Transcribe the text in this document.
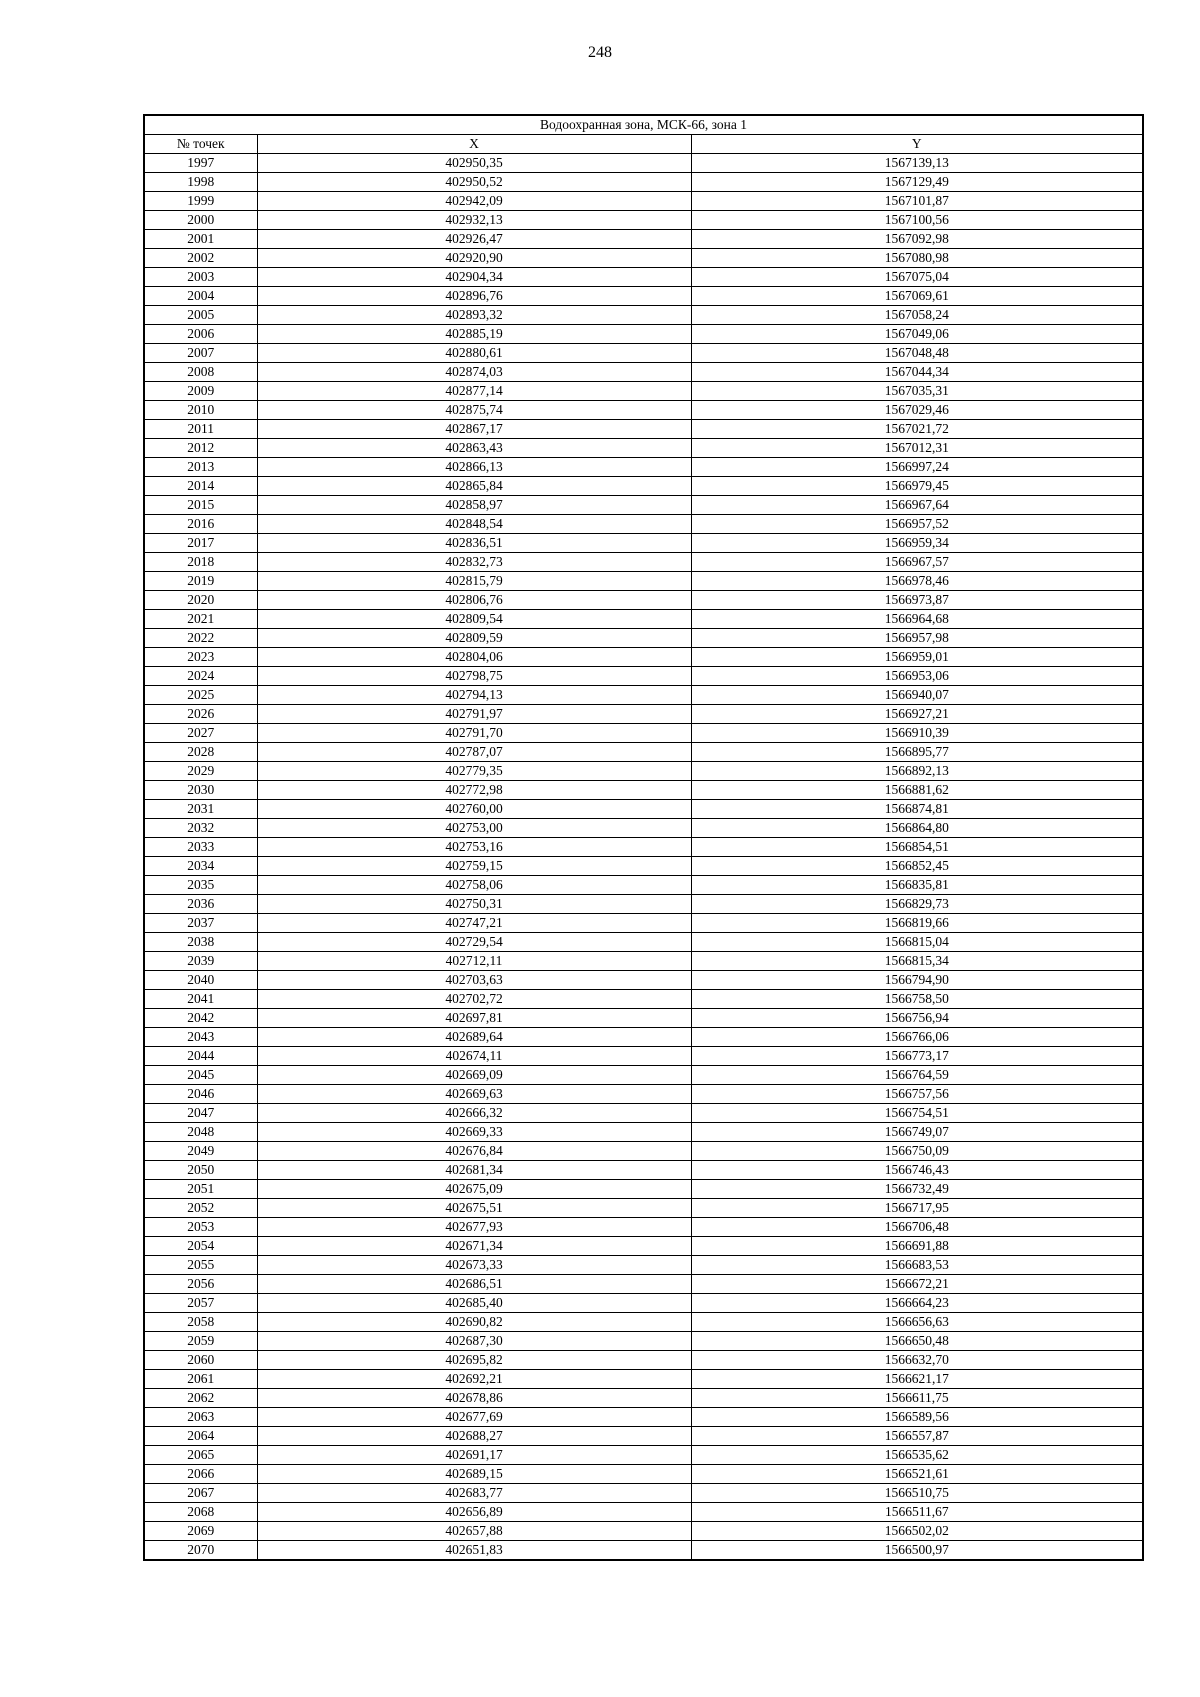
248
Водоохранная зона, МСК-66, зона 1		
№ точек	X	Y
1997	402950,35	1567139,13
1998	402950,52	1567129,49
1999	402942,09	1567101,87
2000	402932,13	1567100,56
2001	402926,47	1567092,98
2002	402920,90	1567080,98
2003	402904,34	1567075,04
2004	402896,76	1567069,61
2005	402893,32	1567058,24
2006	402885,19	1567049,06
2007	402880,61	1567048,48
2008	402874,03	1567044,34
2009	402877,14	1567035,31
2010	402875,74	1567029,46
2011	402867,17	1567021,72
2012	402863,43	1567012,31
2013	402866,13	1566997,24
2014	402865,84	1566979,45
2015	402858,97	1566967,64
2016	402848,54	1566957,52
2017	402836,51	1566959,34
2018	402832,73	1566967,57
2019	402815,79	1566978,46
2020	402806,76	1566973,87
2021	402809,54	1566964,68
2022	402809,59	1566957,98
2023	402804,06	1566959,01
2024	402798,75	1566953,06
2025	402794,13	1566940,07
2026	402791,97	1566927,21
2027	402791,70	1566910,39
2028	402787,07	1566895,77
2029	402779,35	1566892,13
2030	402772,98	1566881,62
2031	402760,00	1566874,81
2032	402753,00	1566864,80
2033	402753,16	1566854,51
2034	402759,15	1566852,45
2035	402758,06	1566835,81
2036	402750,31	1566829,73
2037	402747,21	1566819,66
2038	402729,54	1566815,04
2039	402712,11	1566815,34
2040	402703,63	1566794,90
2041	402702,72	1566758,50
2042	402697,81	1566756,94
2043	402689,64	1566766,06
2044	402674,11	1566773,17
2045	402669,09	1566764,59
2046	402669,63	1566757,56
2047	402666,32	1566754,51
2048	402669,33	1566749,07
2049	402676,84	1566750,09
2050	402681,34	1566746,43
2051	402675,09	1566732,49
2052	402675,51	1566717,95
2053	402677,93	1566706,48
2054	402671,34	1566691,88
2055	402673,33	1566683,53
2056	402686,51	1566672,21
2057	402685,40	1566664,23
2058	402690,82	1566656,63
2059	402687,30	1566650,48
2060	402695,82	1566632,70
2061	402692,21	1566621,17
2062	402678,86	1566611,75
2063	402677,69	1566589,56
2064	402688,27	1566557,87
2065	402691,17	1566535,62
2066	402689,15	1566521,61
2067	402683,77	1566510,75
2068	402656,89	1566511,67
2069	402657,88	1566502,02
2070	402651,83	1566500,97
